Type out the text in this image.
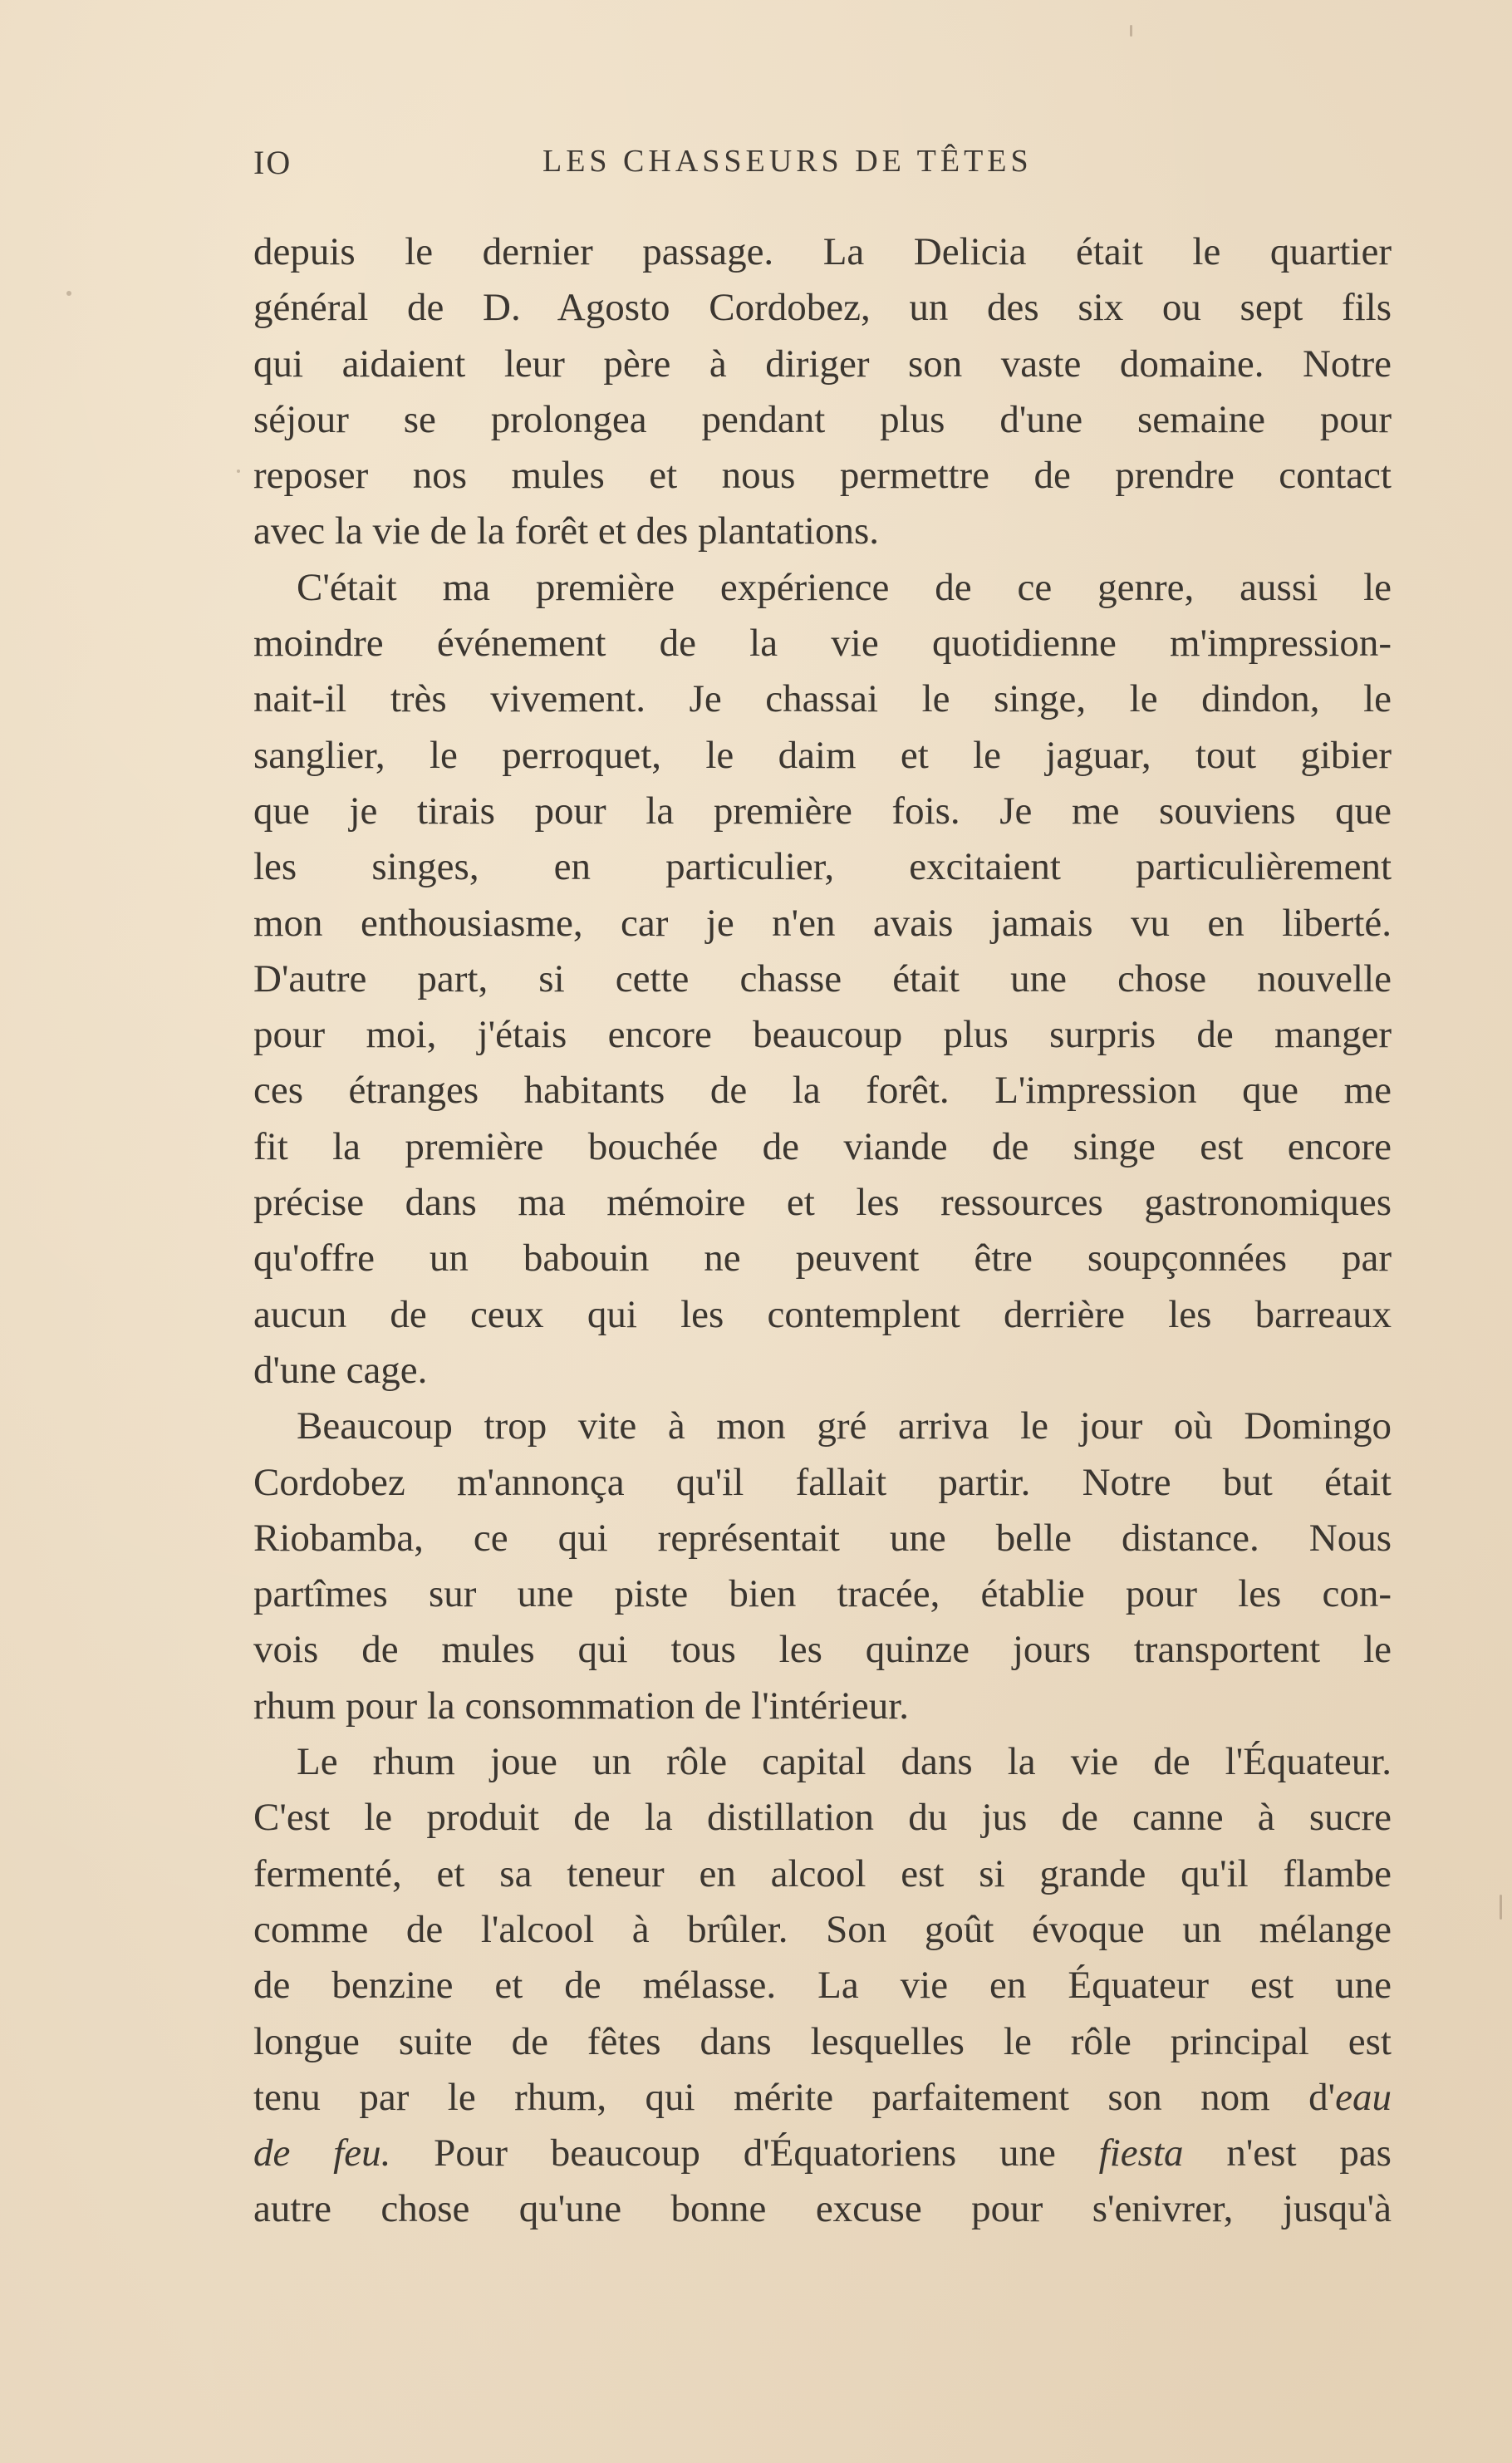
IO	LES CHASSEURS DE TÊTES
depuis le dernier passage. La Delicia était le quartier
général de D. Agosto Cordobez, un des six ou sept fils
qui aidaient leur père à diriger son vaste domaine. Notre
séjour se prolongea pendant plus d'une semaine pour
reposer nos mules et nous permettre de prendre contact
avec la vie de la forêt et des plantations.
C'était ma première expérience de ce genre, aussi le
moindre événement de la vie quotidienne m'impression-
nait-il très vivement. Je chassai le singe, le dindon, le
sanglier, le perroquet, le daim et le jaguar, tout gibier
que je tirais pour la première fois. Je me souviens que
les singes, en particulier, excitaient particulièrement
mon enthousiasme, car je n'en avais jamais vu en liberté.
D'autre part, si cette chasse était une chose nouvelle
pour moi, j'étais encore beaucoup plus surpris de manger
ces étranges habitants de la forêt. L'impression que me
fit la première bouchée de viande de singe est encore
précise dans ma mémoire et les ressources gastronomiques
qu'offre un babouin ne peuvent être soupçonnées par
aucun de ceux qui les contemplent derrière les barreaux
d'une cage.
Beaucoup trop vite à mon gré arriva le jour où Domingo
Cordobez m'annonça qu'il fallait partir. Notre but était
Riobamba, ce qui représentait une belle distance. Nous
partîmes sur une piste bien tracée, établie pour les con-
vois de mules qui tous les quinze jours transportent le
rhum pour la consommation de l'intérieur.
Le rhum joue un rôle capital dans la vie de l'Équateur.
C'est le produit de la distillation du jus de canne à sucre
fermenté, et sa teneur en alcool est si grande qu'il flambe
comme de l'alcool à brûler. Son goût évoque un mélange
de benzine et de mélasse. La vie en Équateur est une
longue suite de fêtes dans lesquelles le rôle principal est
tenu par le rhum, qui mérite parfaitement son nom d'eau
de feu. Pour beaucoup d'Équatoriens une fiesta n'est pas
autre chose qu'une bonne excuse pour s'enivrer, jusqu'à
